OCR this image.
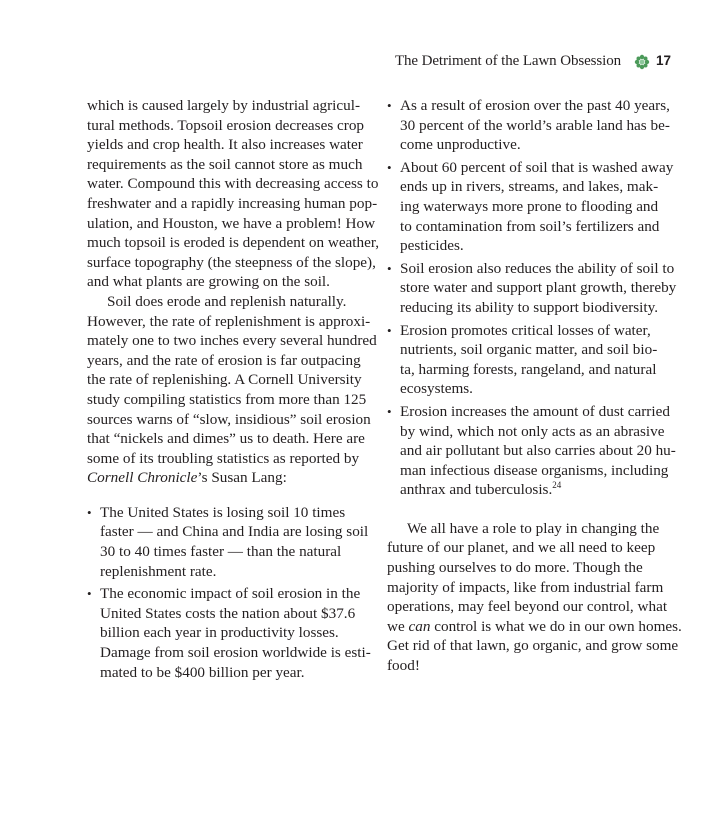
The Detriment of the Lawn Obsession	17
which is caused largely by industrial agricul-
tural methods. Topsoil erosion decreases crop
yields and crop health. It also increases water
requirements as the soil cannot store as much
water. Compound this with decreasing access to
freshwater and a rapidly increasing human pop-
ulation, and Houston, we have a problem! How
much topsoil is eroded is dependent on weather,
surface topography (the steepness of the slope),
and what plants are growing on the soil.
Soil does erode and replenish naturally.
However, the rate of replenishment is approxi-
mately one to two inches every several hundred
years, and the rate of erosion is far outpacing
the rate of replenishing. A Cornell University
study compiling statistics from more than 125
sources warns of “slow, insidious” soil erosion
that “nickels and dimes” us to death. Here are
some of its troubling statistics as reported by
Cornell Chronicle’s Susan Lang:
• The United States is losing soil 10 times
faster — and China and India are losing soil
30 to 40 times faster — than the natural
replenishment rate.
• The economic impact of soil erosion in the
United States costs the nation about $37.6
billion each year in productivity losses.
Damage from soil erosion worldwide is esti-
mated to be $400 billion per year.
• As a result of erosion over the past 40 years,
30 percent of the world’s arable land has be-
come unproductive.
• About 60 percent of soil that is washed away
ends up in rivers, streams, and lakes, mak-
ing waterways more prone to flooding and
to contamination from soil’s fertilizers and
pesticides.
• Soil erosion also reduces the ability of soil to
store water and support plant growth, thereby
reducing its ability to support biodiversity.
• Erosion promotes critical losses of water,
nutrients, soil organic matter, and soil bio-
ta, harming forests, rangeland, and natural
ecosystems.
• Erosion increases the amount of dust carried
by wind, which not only acts as an abrasive
and air pollutant but also carries about 20 hu-
man infectious disease organisms, including
anthrax and tuberculosis.$^{24}$
We all have a role to play in changing the
future of our planet, and we all need to keep
pushing ourselves to do more. Though the
majority of impacts, like from industrial farm
operations, may feel beyond our control, what
we can control is what we do in our own homes.
Get rid of that lawn, go organic, and grow some
food!
